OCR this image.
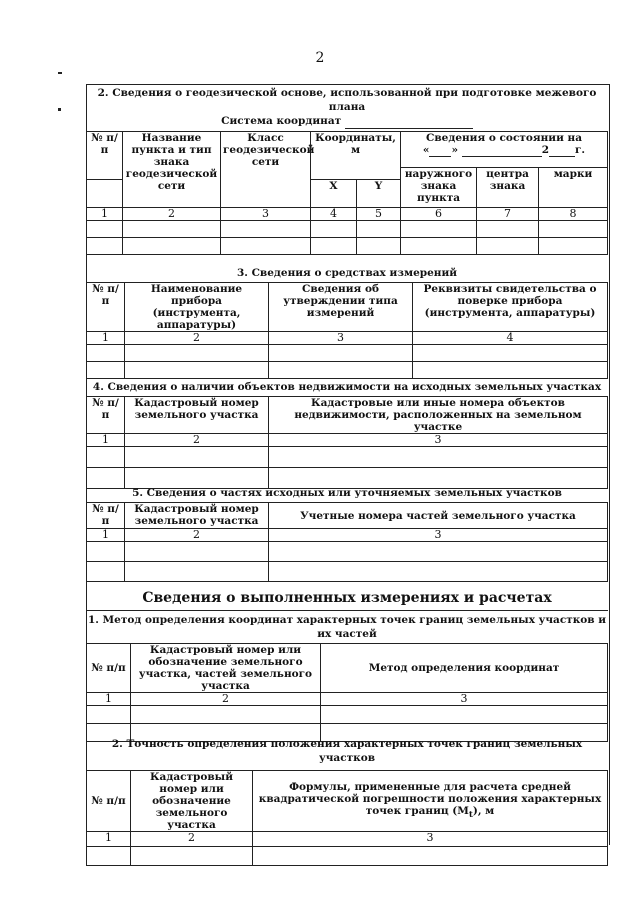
2
2. Сведения о геодезической основе, использованной при подготовке межевого плана
Система координат
№ п/п	Название пункта и тип знака геодезической сети	Класс геодезической сети	Координаты, м		Сведения о состоянии на
« » 2 г.		
					наружного знака пункта	центра знака	марки
			X	Y			
1	2	3	4	5	6	7	8

3. Сведения о средствах измерений
№ п/п	Наименование прибора (инструмента, аппаратуры)	Сведения об утверждении типа измерений	Реквизиты свидетельства о поверке прибора (инструмента, аппаратуры)
1	2	3	4

4. Сведения о наличии объектов недвижимости на исходных земельных участках
№ п/п	Кадастровый номер земельного участка	Кадастровые или иные номера объектов недвижимости, расположенных на земельном участке
1	2	3

5. Сведения о частях исходных или уточняемых земельных участков
№ п/п	Кадастровый номер земельного участка	Учетные номера частей земельного участка
1	2	3

Сведения о выполненных измерениях и расчетах
1. Метод определения координат характерных точек границ земельных участков и их частей
№ п/п	Кадастровый номер или обозначение земельного участка, частей земельного участка	Метод определения координат
1	2	3

2. Точность определения положения характерных точек границ земельных участков
№ п/п	Кадастровый номер или обозначение земельного участка	Формулы, примененные для расчета средней квадратической погрешности положения характерных точек границ $(M_t)$, м
1	2	3
